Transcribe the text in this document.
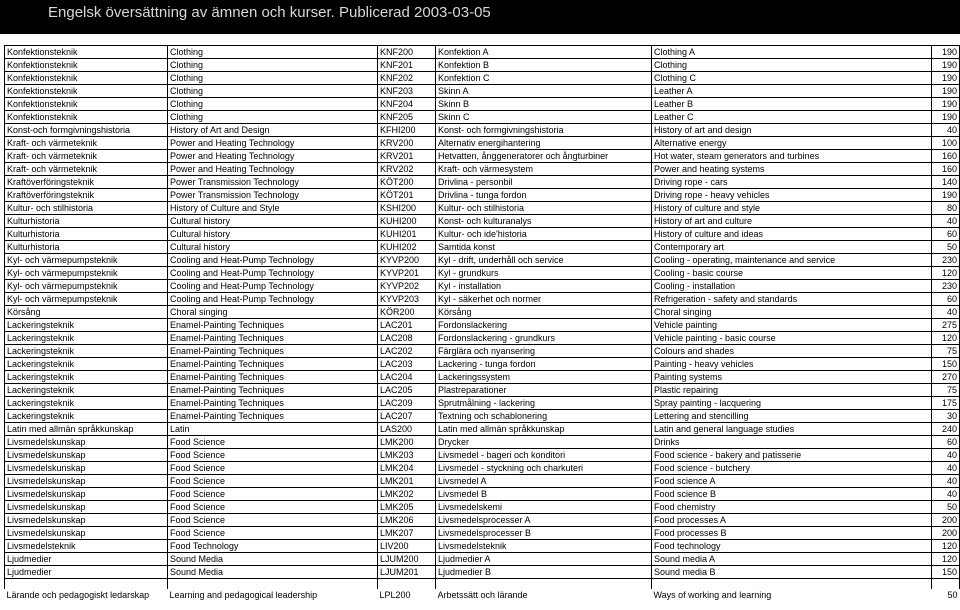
Engelsk översättning av ämnen och kurser. Publicerad 2003-03-05
Konfektionsteknik	Clothing	KNF200	Konfektion A	Clothing A	190
Konfektionsteknik	Clothing	KNF201	Konfektion B	Clothing	190
Konfektionsteknik	Clothing	KNF202	Konfektion C	Clothing C	190
Konfektionsteknik	Clothing	KNF203	Skinn A	Leather A	190
Konfektionsteknik	Clothing	KNF204	Skinn B	Leather B	190
Konfektionsteknik	Clothing	KNF205	Skinn C	Leather C	190
Konst-och formgivningshistoria	History of Art and Design	KFHI200	Konst- och formgivningshistoria	History of art and design	40
Kraft- och värmeteknik	Power and Heating Technology	KRV200	Alternativ energihantering	Alternative energy	100
Kraft- och värmeteknik	Power and Heating Technology	KRV201	Hetvatten, ånggeneratorer och ångturbiner	Hot water, steam generators and turbines	160
Kraft- och värmeteknik	Power and Heating Technology	KRV202	Kraft- och värmesystem	Power and heating systems	160
Kraftöverföringsteknik	Power Transmission Technology	KÖT200	Drivlina - personbil	Driving rope - cars	140
Kraftöverföringsteknik	Power Transmission Technology	KÖT201	Drivlina - tunga fordon	Driving rope - heavy vehicles	190
Kultur- och stilhistoria	History of Culture and Style	KSHI200	Kultur- och stilhistoria	History of culture and style	80
Kulturhistoria	Cultural history	KUHI200	Konst- och kulturanalys	History of art and culture	40
Kulturhistoria	Cultural history	KUHI201	Kultur- och ide'historia	History of culture and ideas	60
Kulturhistoria	Cultural history	KUHI202	Samtida konst	Contemporary art	50
Kyl- och värmepumpsteknik	Cooling and Heat-Pump Technology	KYVP200	Kyl - drift, underhåll och service	Cooling - operating, maintenance and service	230
Kyl- och värmepumpsteknik	Cooling and Heat-Pump Technology	KYVP201	Kyl - grundkurs	Cooling - basic course	120
Kyl- och värmepumpsteknik	Cooling and Heat-Pump Technology	KYVP202	Kyl - installation	Cooling - installation	230
Kyl- och värmepumpsteknik	Cooling and Heat-Pump Technology	KYVP203	Kyl - säkerhet och normer	Refrigeration - safety and standards	60
Körsång	Choral singing	KÖR200	Körsång	Choral singing	40
Lackeringsteknik	Enamel-Painting Techniques	LAC201	Fordonslackering	Vehicle painting	275
Lackeringsteknik	Enamel-Painting Techniques	LAC208	Fordonslackering - grundkurs	Vehicle painting - basic course	120
Lackeringsteknik	Enamel-Painting Techniques	LAC202	Färglära och nyansering	Colours and shades	75
Lackeringsteknik	Enamel-Painting Techniques	LAC203	Lackering - tunga fordon	Painting - heavy vehicles	150
Lackeringsteknik	Enamel-Painting Techniques	LAC204	Lackeringssystem	Painting systems	270
Lackeringsteknik	Enamel-Painting Techniques	LAC205	Plastreparationer	Plastic repairing	75
Lackeringsteknik	Enamel-Painting Techniques	LAC209	Sprutmålning - lackering	Spray painting - lacquering	175
Lackeringsteknik	Enamel-Painting Techniques	LAC207	Textning och schablonering	Lettering and stencilling	30
Latin med allmän språkkunskap	Latin	LAS200	Latin med allmän språkkunskap	Latin and general language studies	240
Livsmedelskunskap	Food Science	LMK200	Drycker	Drinks	60
Livsmedelskunskap	Food Science	LMK203	Livsmedel - bageri och konditori	Food science - bakery and patisserie	40
Livsmedelskunskap	Food Science	LMK204	Livsmedel - styckning och charkuteri	Food science - butchery	40
Livsmedelskunskap	Food Science	LMK201	Livsmedel A	Food science A	40
Livsmedelskunskap	Food Science	LMK202	Livsmedel B	Food science B	40
Livsmedelskunskap	Food Science	LMK205	Livsmedelskemi	Food chemistry	50
Livsmedelskunskap	Food Science	LMK206	Livsmedelsprocesser A	Food processes A	200
Livsmedelskunskap	Food Science	LMK207	Livsmedelsprocesser B	Food processes B	200
Livsmedelsteknik	Food Technology	LIV200	Livsmedelsteknik	Food technology	120
Ljudmedier	Sound Media	LJUM200	Ljudmedier A	Sound media A	120
Ljudmedier	Sound Media	LJUM201	Ljudmedier B	Sound media B	150

Lärande och pedagogiskt ledarskap	Learning and pedagogical leadership	LPL200	Arbetssätt och lärande	Ways of working and learning	50
